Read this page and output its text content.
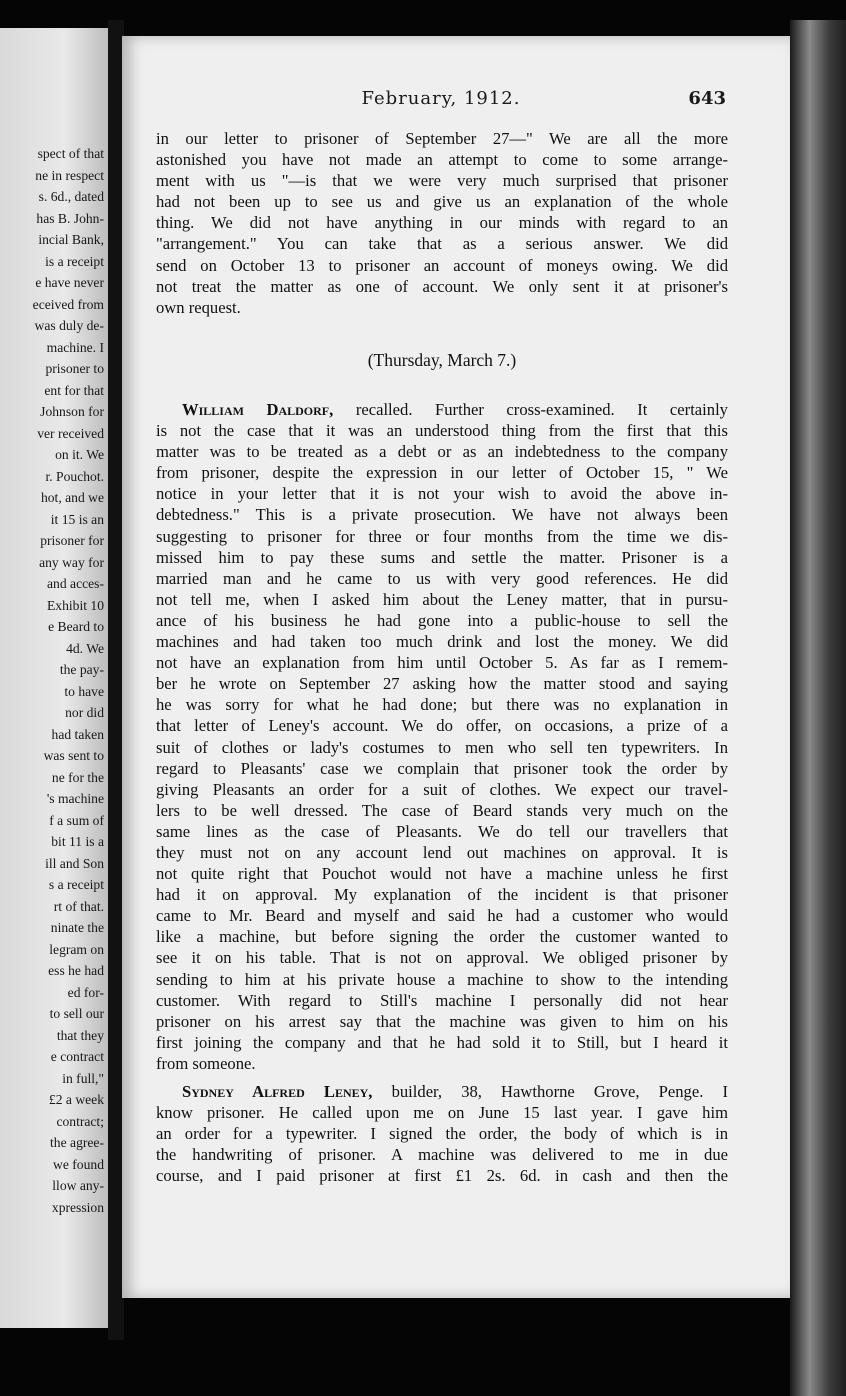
spect of that
ne in respect
s. 6d., dated
has B. John-
incial Bank,
is a receipt
e have never
eceived from
was duly de-
machine. I
prisoner to
ent for that
Johnson for
ver received
on it. We
r. Pouchot.
hot, and we
it 15 is an
prisoner for
any way for
and acces-
Exhibit 10
e Beard to
4d. We
the pay-
to have
nor did
had taken
was sent to
ne for the
's machine
f a sum of
bit 11 is a
ill and Son
s a receipt
rt of that.
ninate the
legram on
ess he had
ed for-
to sell our
that they
e contract
in full,"
£2 a week
contract;
the agree-
we found
llow any-
xpression
February, 1912.	643
in our letter to prisoner of September 27—" We are all the more
astonished you have not made an attempt to come to some arrange-
ment with us "—is that we were very much surprised that prisoner
had not been up to see us and give us an explanation of the whole
thing. We did not have anything in our minds with regard to an
"arrangement." You can take that as a serious answer. We did
send on October 13 to prisoner an account of moneys owing. We did
not treat the matter as one of account. We only sent it at prisoner's
own request.
(Thursday, March 7.)
William Daldorf, recalled. Further cross-examined. It certainly
is not the case that it was an understood thing from the first that this
matter was to be treated as a debt or as an indebtedness to the company
from prisoner, despite the expression in our letter of October 15, " We
notice in your letter that it is not your wish to avoid the above in-
debtedness." This is a private prosecution. We have not always been
suggesting to prisoner for three or four months from the time we dis-
missed him to pay these sums and settle the matter. Prisoner is a
married man and he came to us with very good references. He did
not tell me, when I asked him about the Leney matter, that in pursu-
ance of his business he had gone into a public-house to sell the
machines and had taken too much drink and lost the money. We did
not have an explanation from him until October 5. As far as I remem-
ber he wrote on September 27 asking how the matter stood and saying
he was sorry for what he had done; but there was no explanation in
that letter of Leney's account. We do offer, on occasions, a prize of a
suit of clothes or lady's costumes to men who sell ten typewriters. In
regard to Pleasants' case we complain that prisoner took the order by
giving Pleasants an order for a suit of clothes. We expect our travel-
lers to be well dressed. The case of Beard stands very much on the
same lines as the case of Pleasants. We do tell our travellers that
they must not on any account lend out machines on approval. It is
not quite right that Pouchot would not have a machine unless he first
had it on approval. My explanation of the incident is that prisoner
came to Mr. Beard and myself and said he had a customer who would
like a machine, but before signing the order the customer wanted to
see it on his table. That is not on approval. We obliged prisoner by
sending to him at his private house a machine to show to the intending
customer. With regard to Still's machine I personally did not hear
prisoner on his arrest say that the machine was given to him on his
first joining the company and that he had sold it to Still, but I heard it
from someone.
Sydney Alfred Leney, builder, 38, Hawthorne Grove, Penge. I
know prisoner. He called upon me on June 15 last year. I gave him
an order for a typewriter. I signed the order, the body of which is in
the handwriting of prisoner. A machine was delivered to me in due
course, and I paid prisoner at first £1 2s. 6d. in cash and then the
